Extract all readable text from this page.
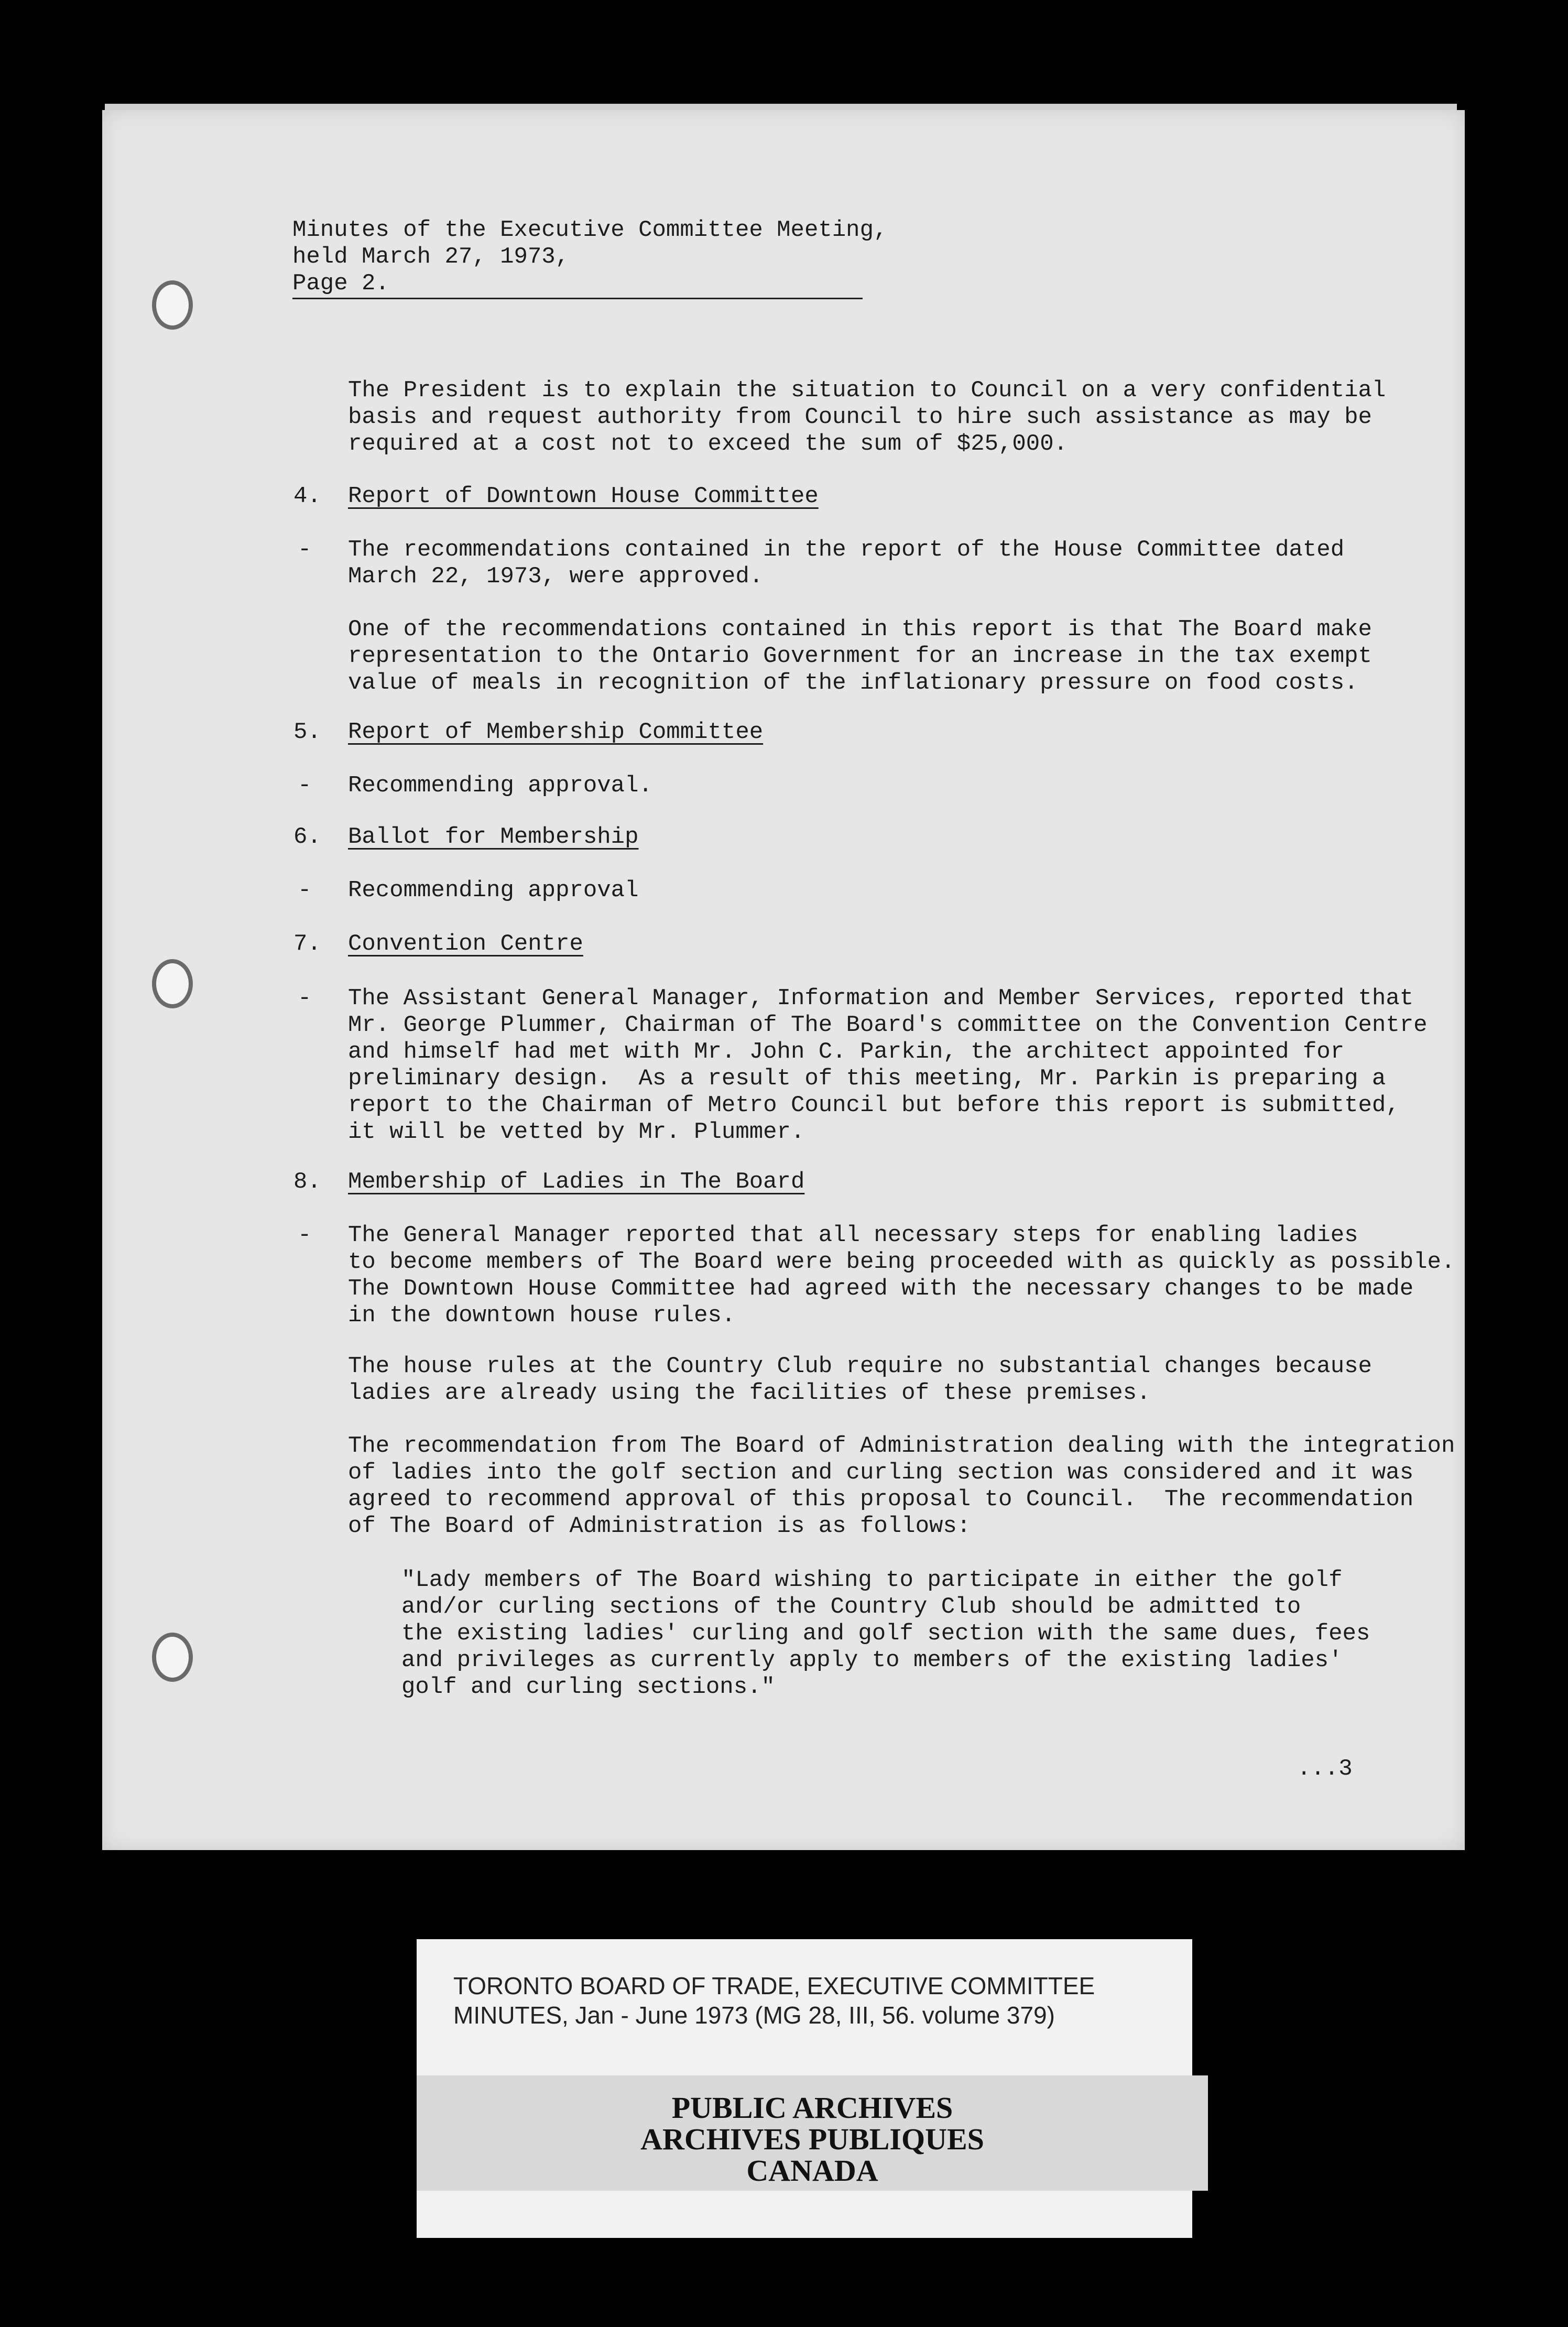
Minutes of the Executive Committee Meeting,
held March 27, 1973,
Page 2.
The President is to explain the situation to Council on a very confidential
basis and request authority from Council to hire such assistance as may be
required at a cost not to exceed the sum of $25,000.
4. Report of Downtown House Committee
- The recommendations contained in the report of the House Committee dated
March 22, 1973, were approved.
One of the recommendations contained in this report is that The Board make
representation to the Ontario Government for an increase in the tax exempt
value of meals in recognition of the inflationary pressure on food costs.
5. Report of Membership Committee
- Recommending approval.
6. Ballot for Membership
- Recommending approval
7. Convention Centre
- The Assistant General Manager, Information and Member Services, reported that
Mr. George Plummer, Chairman of The Board's committee on the Convention Centre
and himself had met with Mr. John C. Parkin, the architect appointed for
preliminary design.  As a result of this meeting, Mr. Parkin is preparing a
report to the Chairman of Metro Council but before this report is submitted,
it will be vetted by Mr. Plummer.
8. Membership of Ladies in The Board
- The General Manager reported that all necessary steps for enabling ladies
to become members of The Board were being proceeded with as quickly as possible.
The Downtown House Committee had agreed with the necessary changes to be made
in the downtown house rules.
The house rules at the Country Club require no substantial changes because
ladies are already using the facilities of these premises.
The recommendation from The Board of Administration dealing with the integration
of ladies into the golf section and curling section was considered and it was
agreed to recommend approval of this proposal to Council.  The recommendation
of The Board of Administration is as follows:
"Lady members of The Board wishing to participate in either the golf
and/or curling sections of the Country Club should be admitted to
the existing ladies' curling and golf section with the same dues, fees
and privileges as currently apply to members of the existing ladies'
golf and curling sections."
...3
TORONTO BOARD OF TRADE, EXECUTIVE COMMITTEE
MINUTES, Jan - June 1973 (MG 28, III, 56. volume 379)
PUBLIC ARCHIVES
ARCHIVES PUBLIQUES
CANADA
